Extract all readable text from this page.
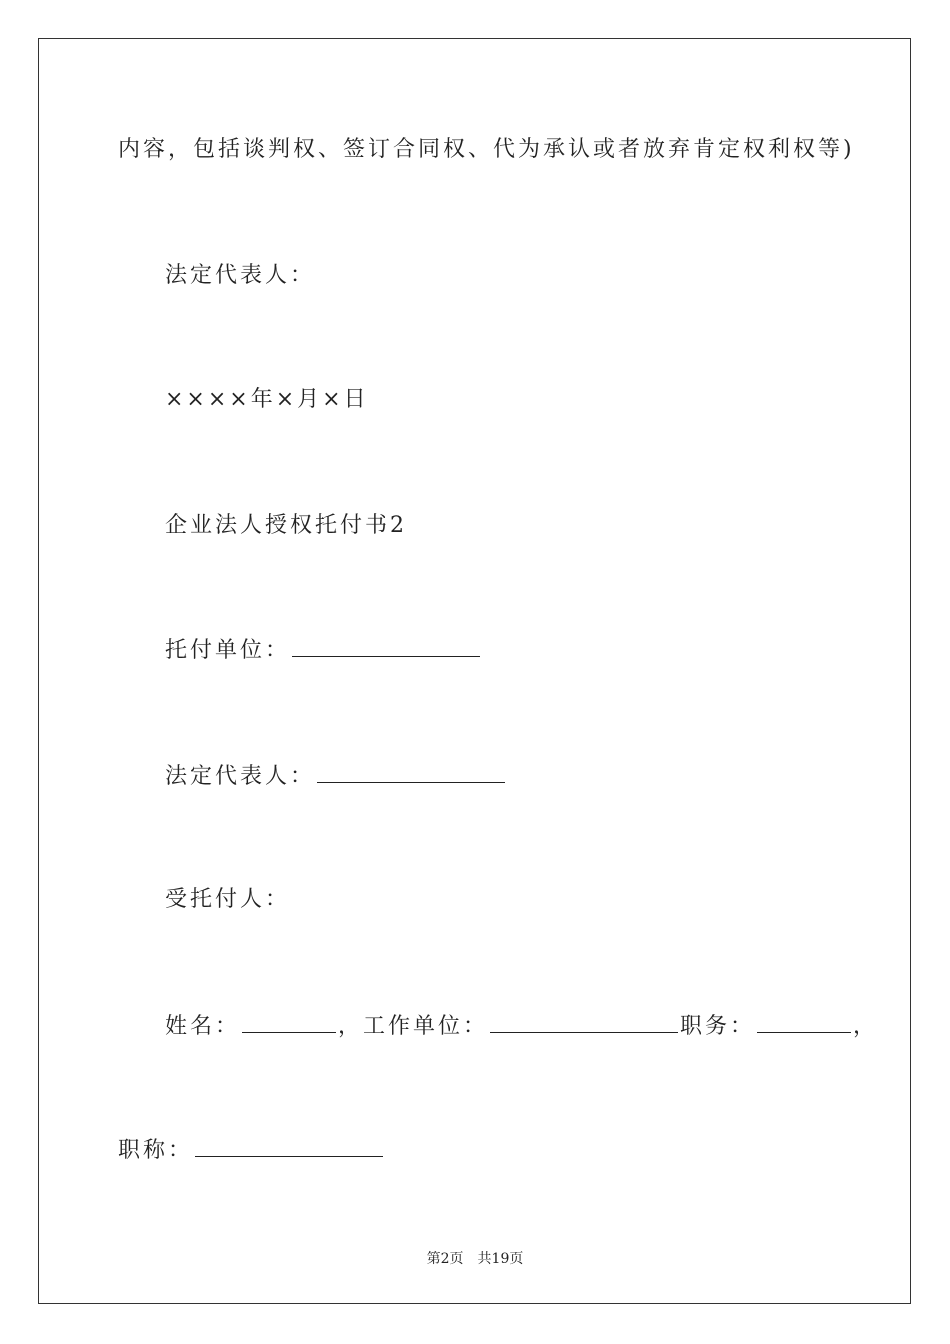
内容，包括谈判权、签订合同权、代为承认或者放弃肯定权利权等)
法定代表人：
××××年×月×日
企业法人授权托付书2
托付单位：
法定代表人：
受托付人：
姓名：	，工作单位：	职务：	，
职称：
第2页 共19页
